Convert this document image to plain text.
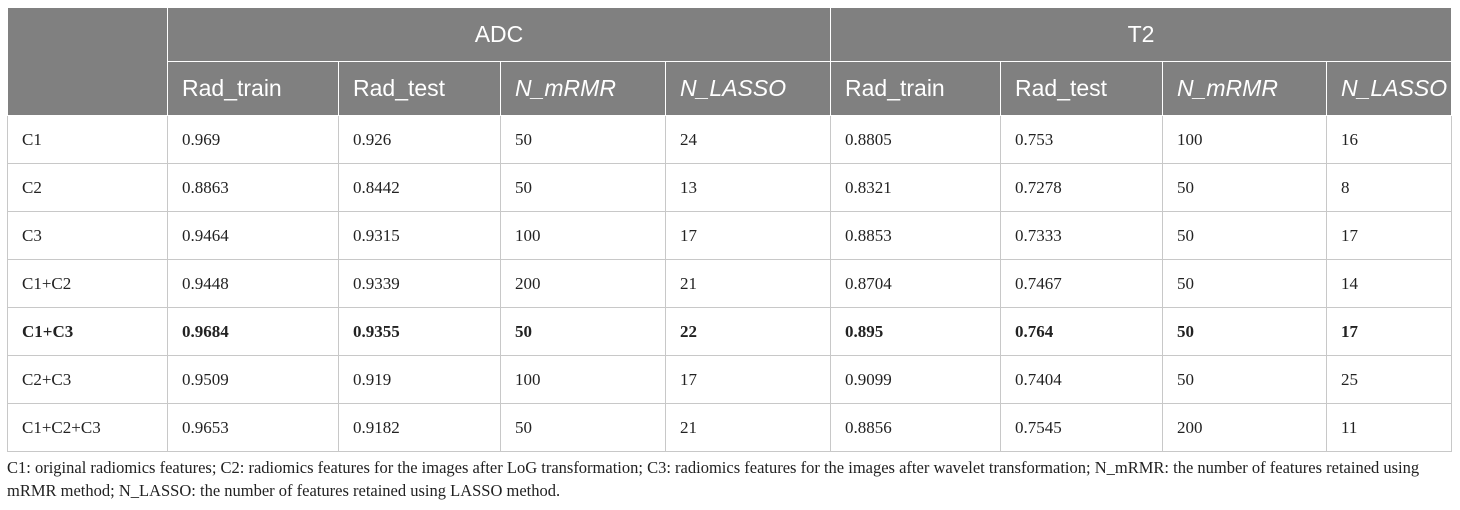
	ADC				T2			
	Rad_train	Rad_test	N_mRMR	N_LASSO	Rad_train	Rad_test	N_mRMR	N_LASSO
C1	0.969	0.926	50	24	0.8805	0.753	100	16
C2	0.8863	0.8442	50	13	0.8321	0.7278	50	8
C3	0.9464	0.9315	100	17	0.8853	0.7333	50	17
C1+C2	0.9448	0.9339	200	21	0.8704	0.7467	50	14
C1+C3	0.9684	0.9355	50	22	0.895	0.764	50	17
C2+C3	0.9509	0.919	100	17	0.9099	0.7404	50	25
C1+C2+C3	0.9653	0.9182	50	21	0.8856	0.7545	200	11
C1: original radiomics features; C2: radiomics features for the images after LoG transformation; C3: radiomics features for the images after wavelet transformation; N_mRMR: the number of features retained using mRMR method; N_LASSO: the number of features retained using LASSO method.
